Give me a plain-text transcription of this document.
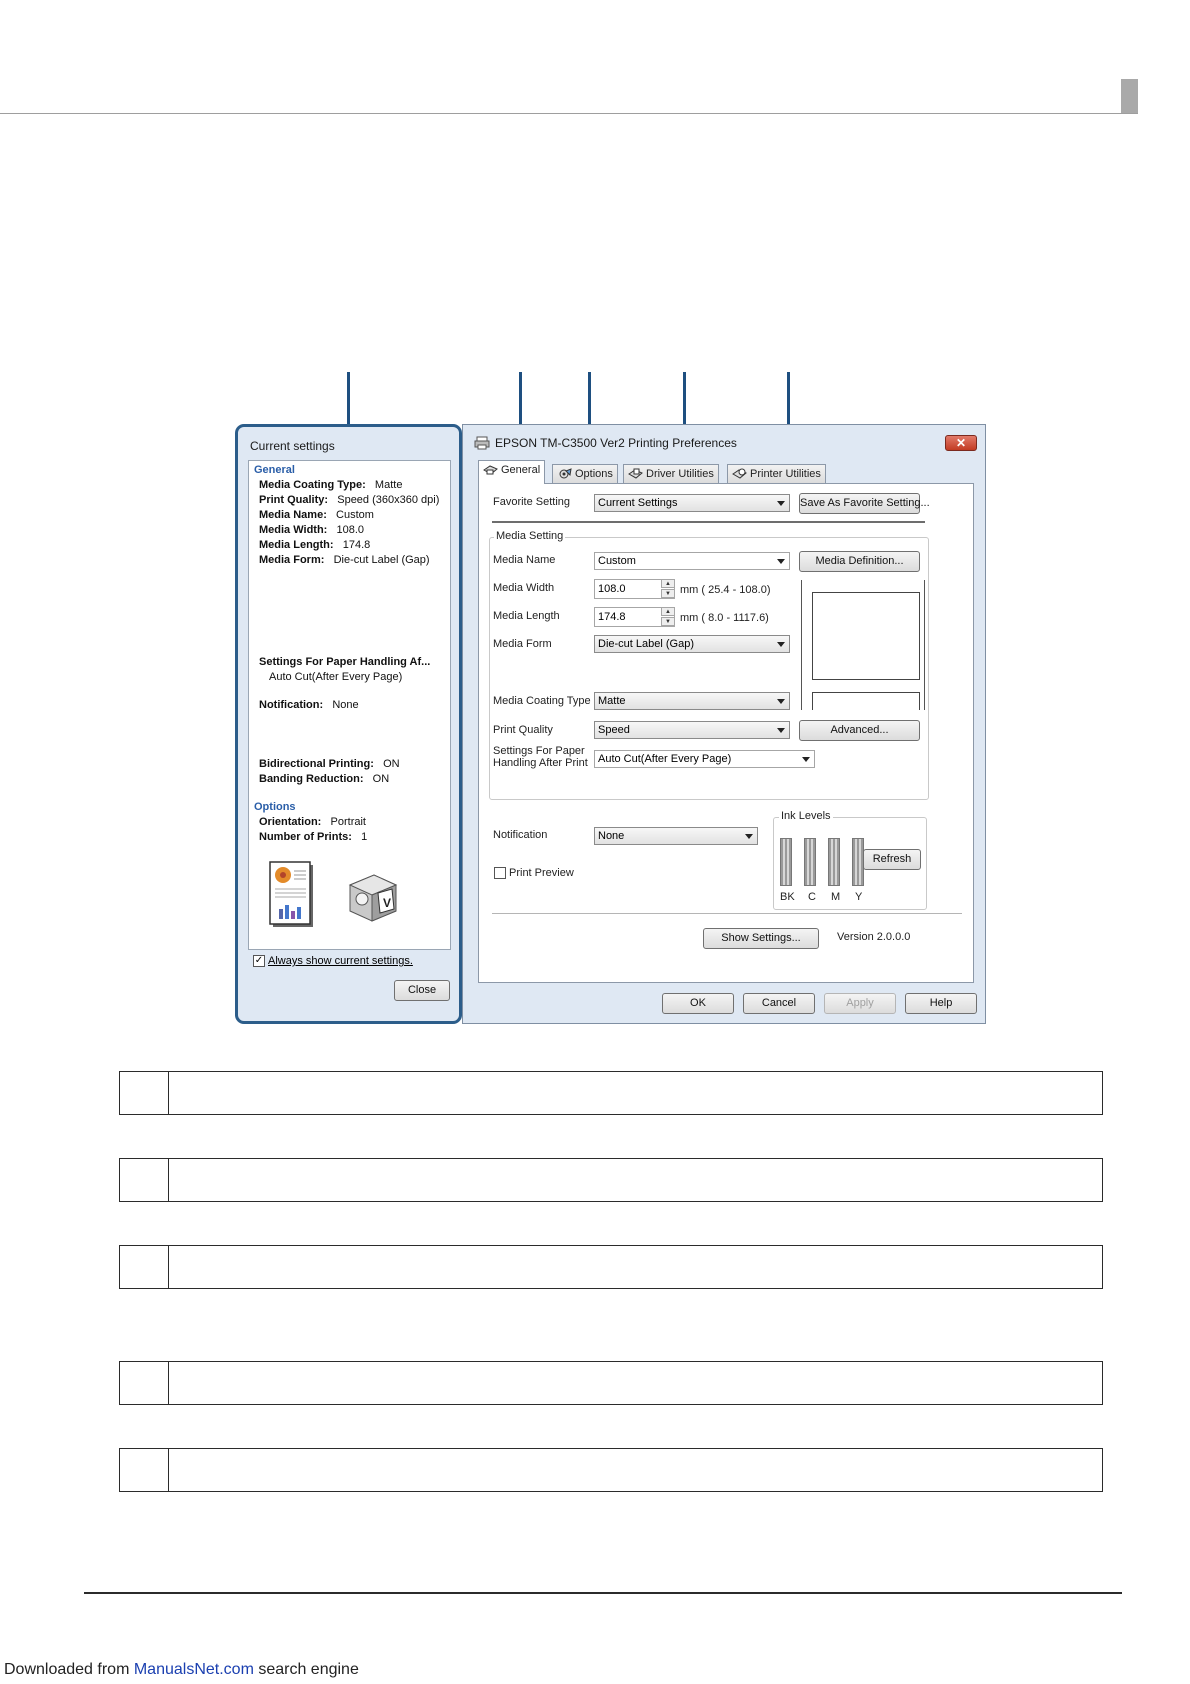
Current settings
General
Media Coating Type: Matte
Print Quality: Speed (360x360 dpi)
Media Name: Custom
Media Width: 108.0
Media Length: 174.8
Media Form: Die-cut Label (Gap)
Settings For Paper Handling Af...
Auto Cut(After Every Page)
Notification: None
Bidirectional Printing: ON
Banding Reduction: ON
Options
Orientation: Portrait
Number of Prints: 1
V
✓ Always show current settings.
Close
EPSON TM-C3500 Ver2 Printing Preferences	✕
General	Options	Driver Utilities	Printer Utilities
Favorite Setting	Current Settings	Save As Favorite Setting...
Media Setting
Media Name	Custom	Media Definition...
Media Width	108.0	▲
▼ mm ( 25.4 - 108.0)
Media Length	174.8	▲
▼ mm ( 8.0 - 1117.6)
Media Form	Die-cut Label (Gap)
Media Coating Type Matte
Print Quality	Speed	Advanced...
Settings For Paper
Handling After Print Auto Cut(After Every Page)
Notification	None
Print Preview
BK C M Y
Ink Levels
Refresh
Show Settings...	Version 2.0.0.0
OK	Cancel	Apply	Help
Downloaded from ManualsNet.com search engine
